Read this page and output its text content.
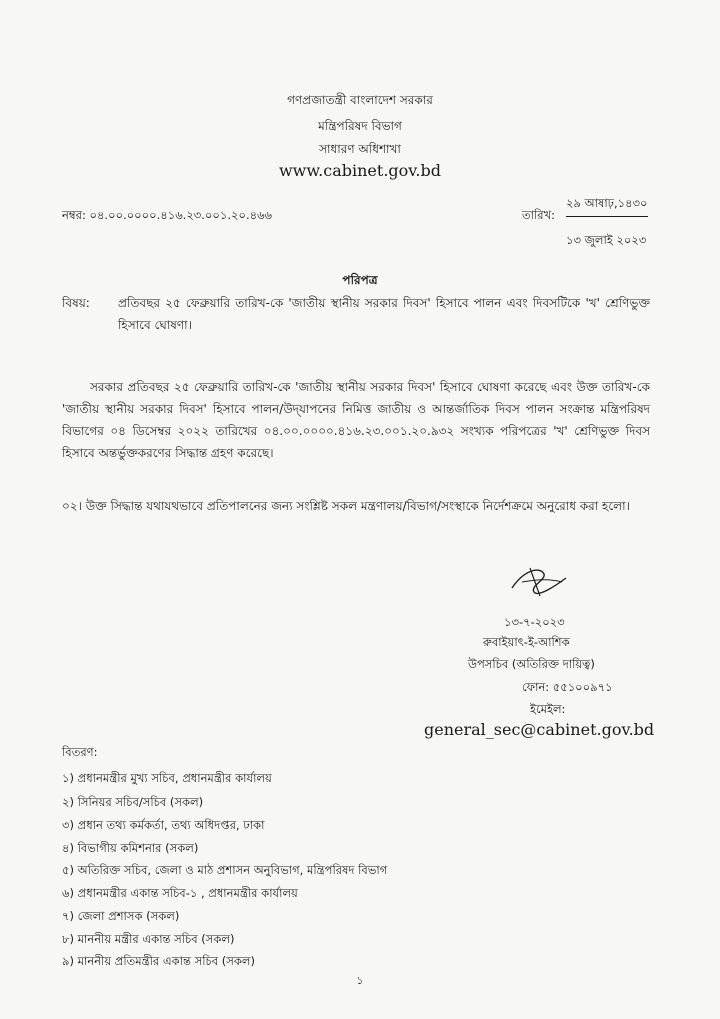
গণপ্রজাতন্ত্রী বাংলাদেশ সরকার
মন্ত্রিপরিষদ বিভাগ
সাধারণ অধিশাখা
www.cabinet.gov.bd
নম্বর: ০৪.০০.০০০০.৪১৬.২৩.০০১.২০.৪৬৬	তারিখ:
২৯ আষাঢ়,১৪৩০
১৩ জুলাই ২০২৩
পরিপত্র
বিষয়: প্রতিবছর ২৫ ফেব্রুয়ারি তারিখ-কে 'জাতীয় স্থানীয় সরকার দিবস' হিসাবে পালন এবং দিবসটিকে 'খ' শ্রেণিভুক্ত হিসাবে ঘোষণা।
সরকার প্রতিবছর ২৫ ফেব্রুয়ারি তারিখ-কে 'জাতীয় স্থানীয় সরকার দিবস' হিসাবে ঘোষণা করেছে এবং উক্ত তারিখ-কে 'জাতীয় স্থানীয় সরকার দিবস' হিসাবে পালন/উদ্‌যাপনের নিমিত্ত জাতীয় ও আন্তর্জাতিক দিবস পালন সংক্রান্ত মন্ত্রিপরিষদ বিভাগের ০৪ ডিসেম্বর ২০২২ তারিখের ০৪.০০.০০০০.৪১৬.২৩.০০১.২০.৯৩২ সংখ্যক পরিপত্রের 'খ' শ্রেণিভুক্ত দিবস হিসাবে অন্তর্ভুক্তকরণের সিদ্ধান্ত গ্রহণ করেছে।
০২। উক্ত সিদ্ধান্ত যথাযথভাবে প্রতিপালনের জন্য সংশ্লিষ্ট সকল মন্ত্রণালয়/বিভাগ/সংস্থাকে নির্দেশক্রমে অনুরোধ করা হলো।
১৩-৭-২০২৩
রুবাইয়াৎ-ই-আশিক
উপসচিব (অতিরিক্ত দায়িত্ব)
ফোন: ৫৫১০০৯৭১
ইমেইল:
general_sec@cabinet.gov.bd
বিতরণ:
১) প্রধানমন্ত্রীর মুখ্য সচিব, প্রধানমন্ত্রীর কার্যালয়
২) সিনিয়র সচিব/সচিব (সকল)
৩) প্রধান তথ্য কর্মকর্তা, তথ্য অধিদপ্তর, ঢাকা
৪) বিভাগীয় কমিশনার (সকল)
৫) অতিরিক্ত সচিব, জেলা ও মাঠ প্রশাসন অনুবিভাগ, মন্ত্রিপরিষদ বিভাগ
৬) প্রধানমন্ত্রীর একান্ত সচিব-১ , প্রধানমন্ত্রীর কার্যালয়
৭) জেলা প্রশাসক (সকল)
৮) মাননীয় মন্ত্রীর একান্ত সচিব (সকল)
৯) মাননীয় প্রতিমন্ত্রীর একান্ত সচিব (সকল)
১
